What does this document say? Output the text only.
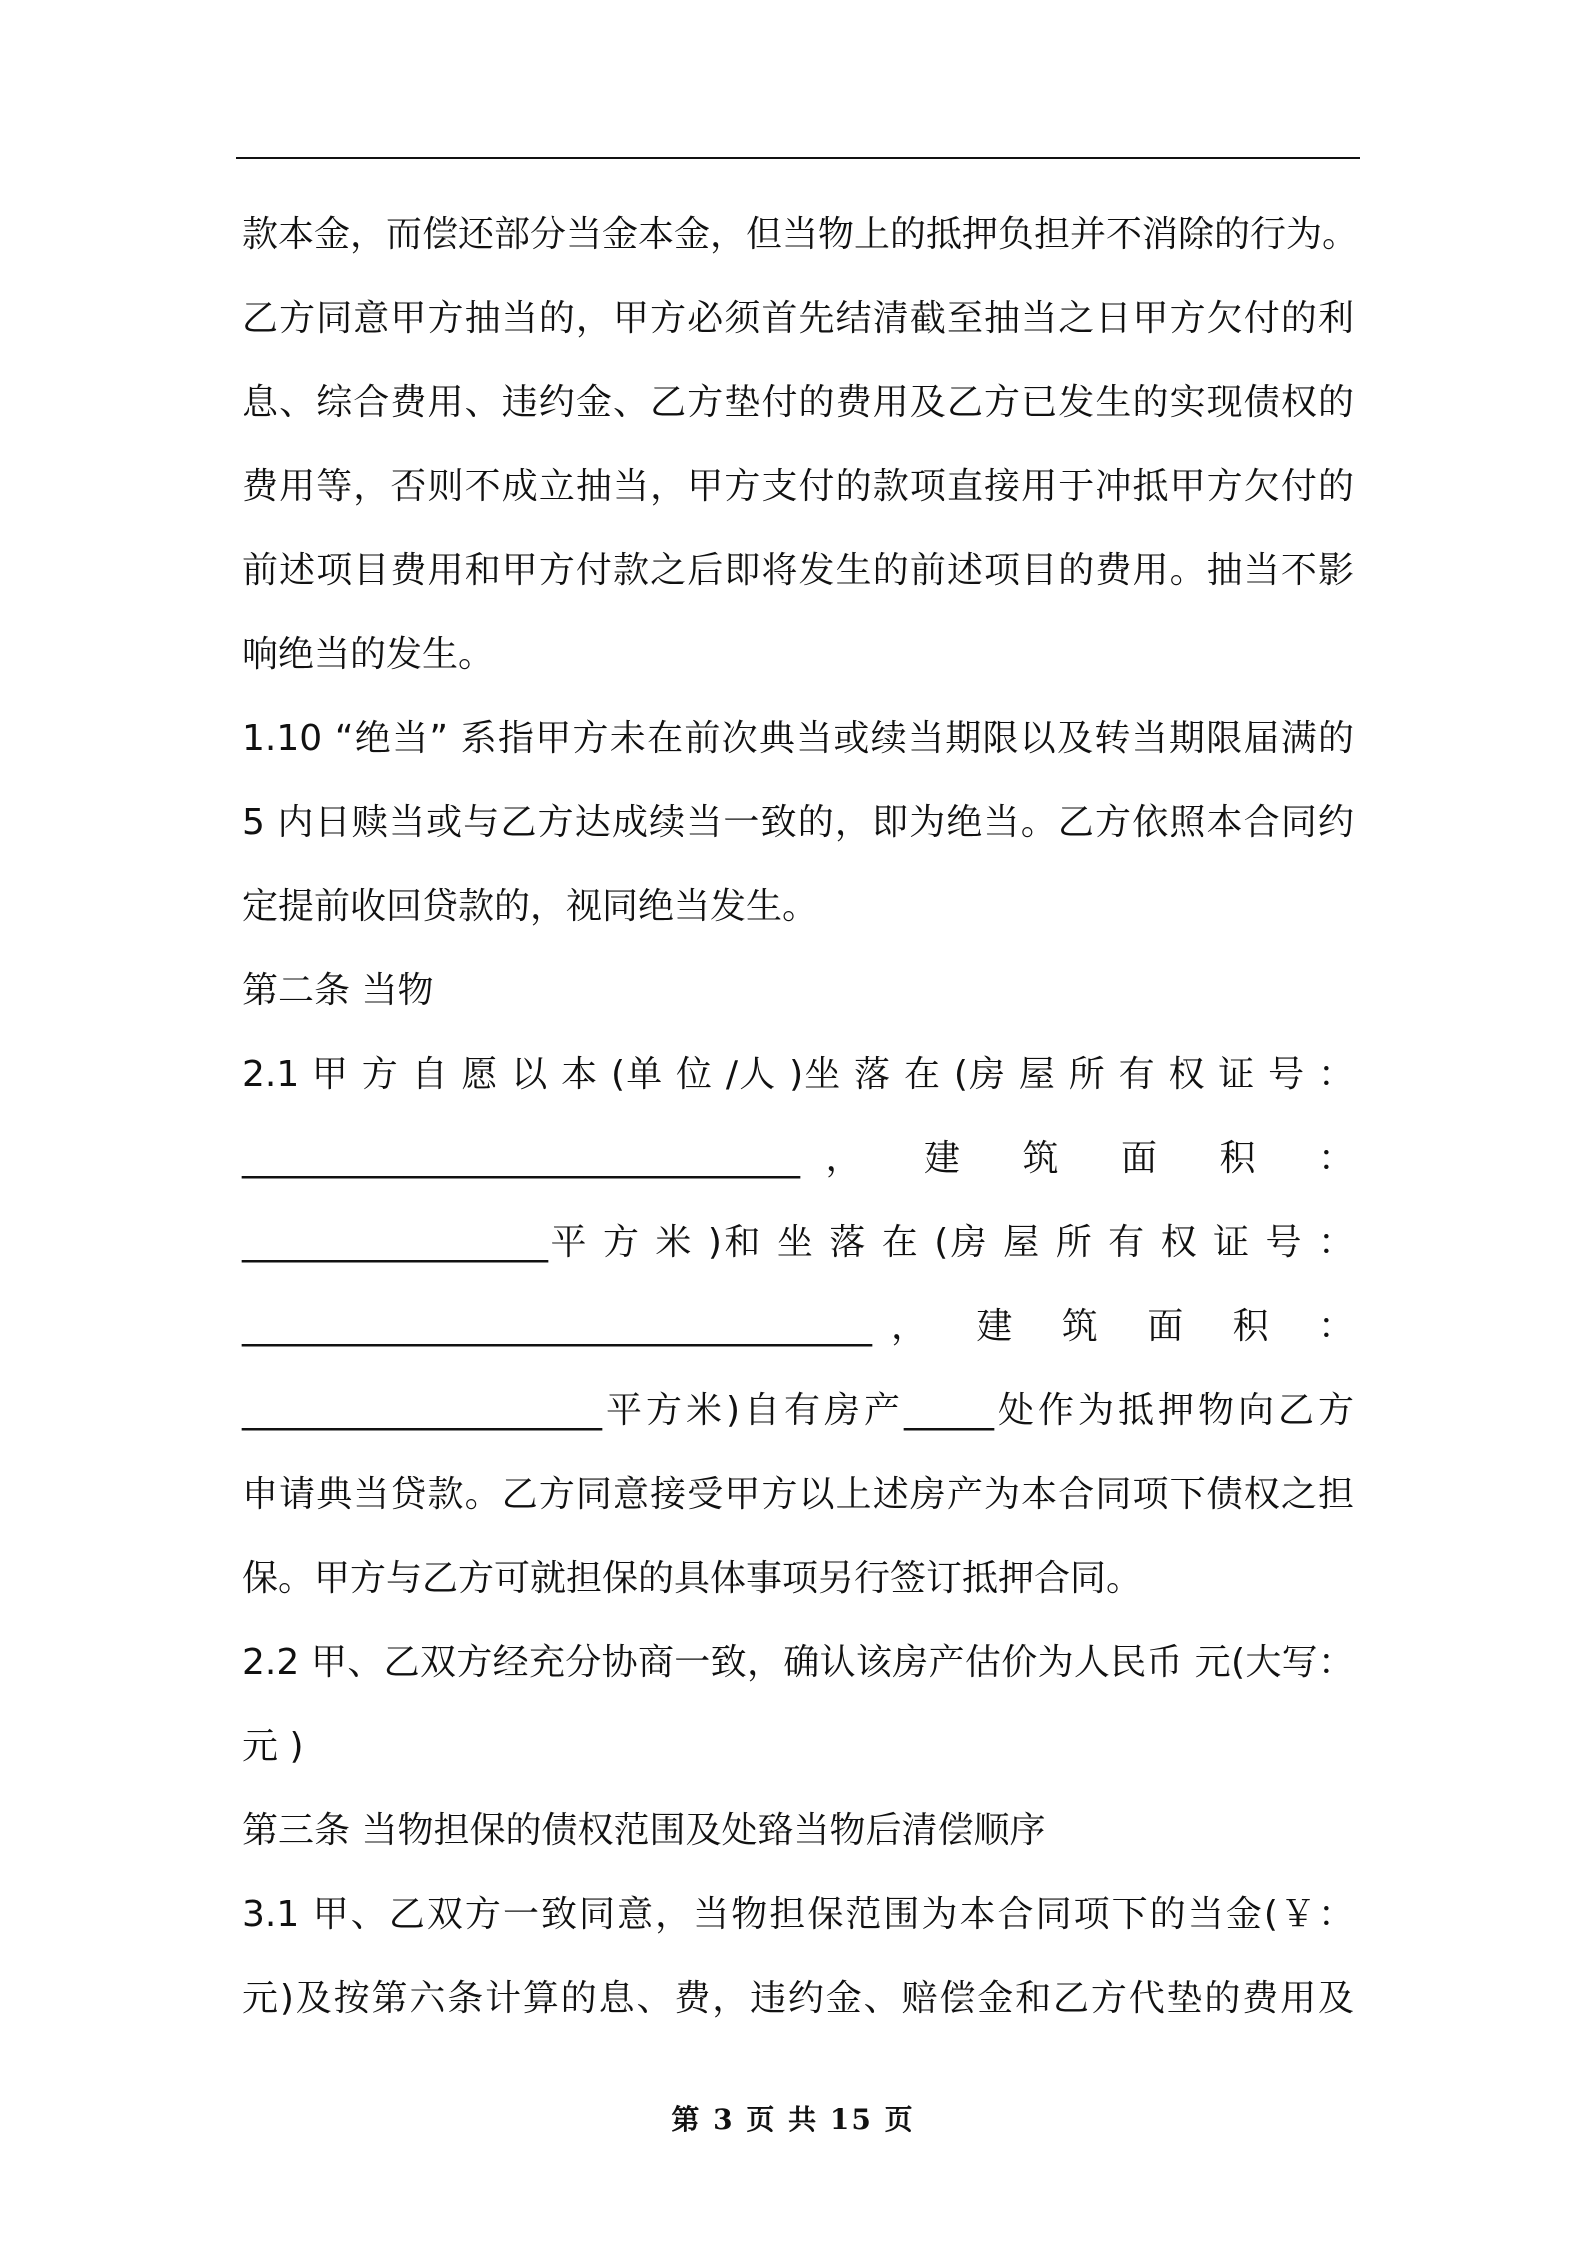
款本金，而偿还部分当金本金，但当物上的抵押负担并不消除的行为。
乙方同意甲方抽当的，甲方必须首先结清截至抽当之日甲方欠付的利
息、综合费用、违约金、乙方垫付的费用及乙方已发生的实现债权的
费用等，否则不成立抽当，甲方支付的款项直接用于冲抵甲方欠付的
前述项目费用和甲方付款之后即将发生的前述项目的费用。抽当不影
响绝当的发生。
1.10 “绝当” 系指甲方未在前次典当或续当期限以及转当期限届满的
5 内日赎当或与乙方达成续当一致的，即为绝当。乙方依照本合同约
定提前收回贷款的，视同绝当发生。
第二条 当物
2.1 甲 方 自 愿 以 本 (单 位 /人 )坐 落 在 (房 屋 所 有 权 证 号 ：
_______________________________， 建 筑 面 积 ：
_________________平 方 米 )和 坐 落 在 (房 屋 所 有 权 证 号 ：
___________________________________， 建 筑 面 积 ：
____________________平方米)自有房产_____处作为抵押物向乙方
申请典当贷款。乙方同意接受甲方以上述房产为本合同项下债权之担
保。甲方与乙方可就担保的具体事项另行签订抵押合同。
2.2 甲、乙双方经充分协商一致，确认该房产估价为人民币 元(大写：
元 )
第三条 当物担保的债权范围及处臵当物后清偿顺序
3.1 甲、乙双方一致同意，当物担保范围为本合同项下的当金(￥：
元)及按第六条计算的息、费，违约金、赔偿金和乙方代垫的费用及
第 3 页 共 15 页
